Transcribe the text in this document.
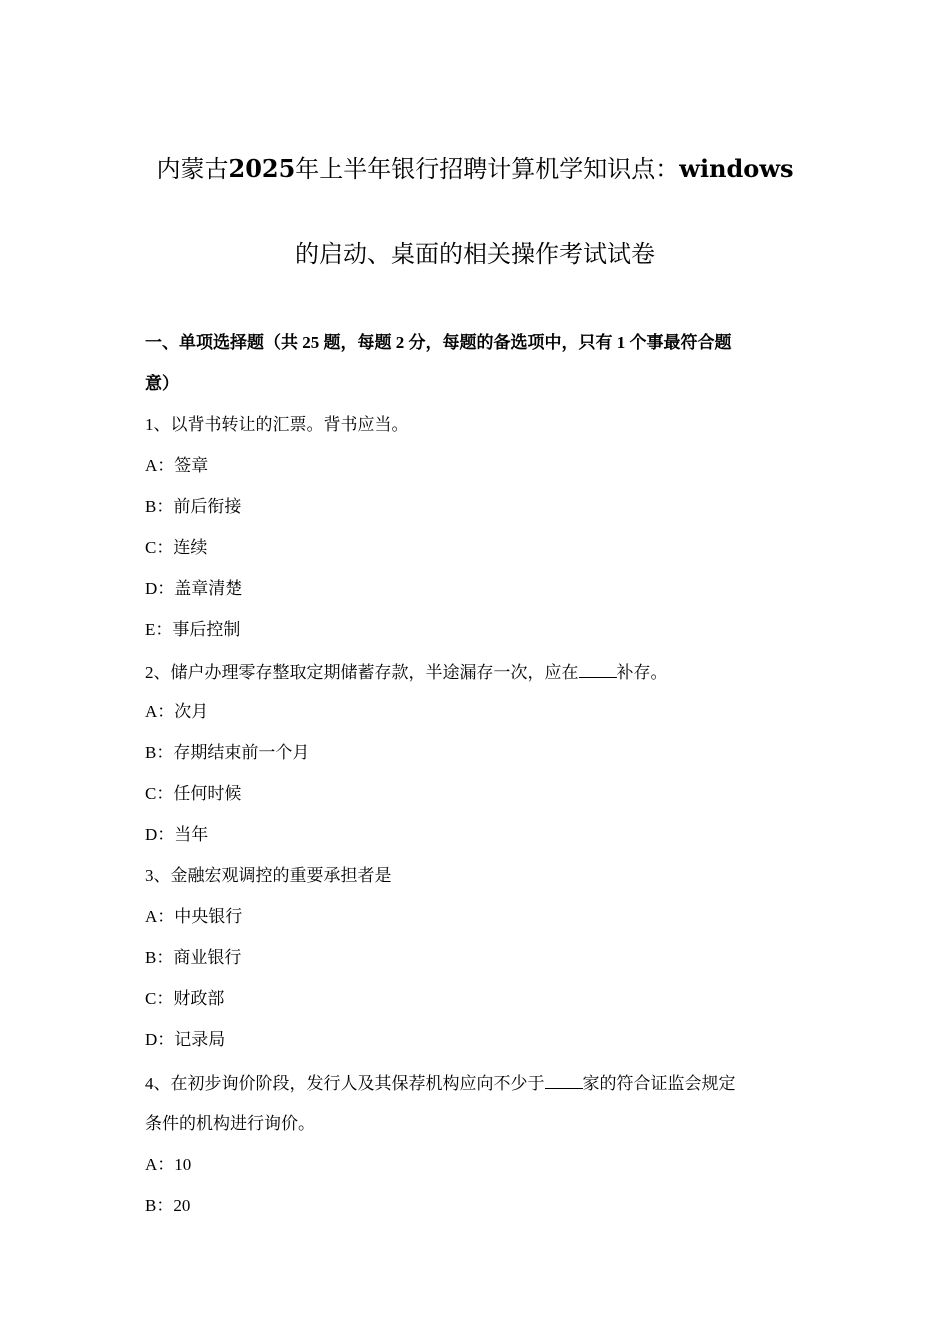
内蒙古2025年上半年银行招聘计算机学知识点：windows
的启动、桌面的相关操作考试试卷
一、单项选择题（共 25 题，每题 2 分，每题的备选项中，只有 1 个事最符合题
意）
1、以背书转让的汇票。背书应当。
A：签章
B：前后衔接
C：连续
D：盖章清楚
E：事后控制
2、储户办理零存整取定期储蓄存款，半途漏存一次，应在 补存。
A：次月
B：存期结束前一个月
C：任何时候
D：当年
3、金融宏观调控的重要承担者是
A：中央银行
B：商业银行
C：财政部
D：记录局
4、在初步询价阶段，发行人及其保荐机构应向不少于 家的符合证监会规定
条件的机构进行询价。
A：10
B：20
